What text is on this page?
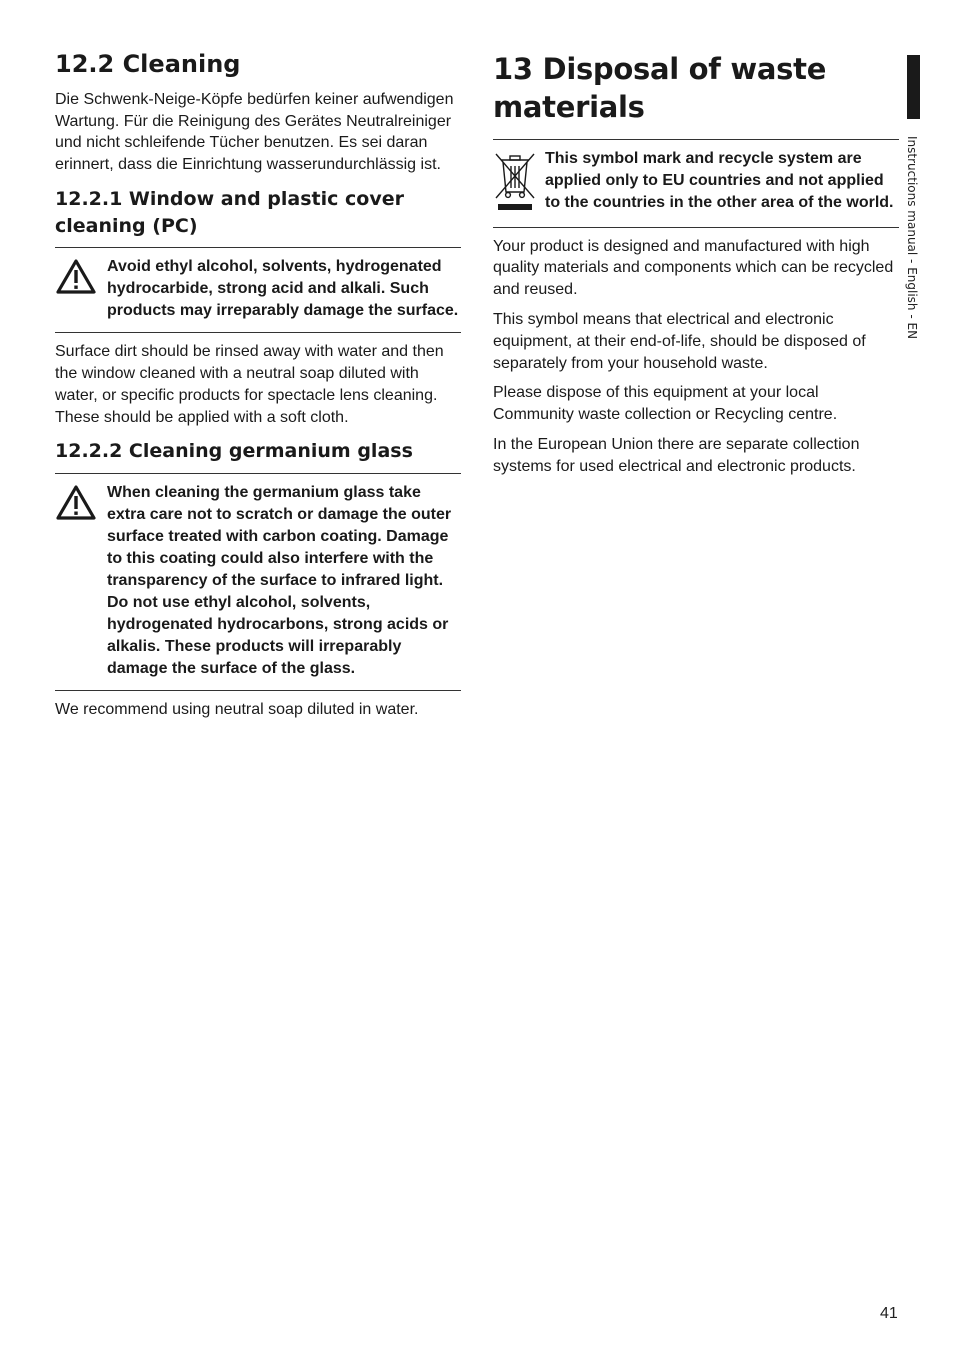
12.2 Cleaning

Die Schwenk-Neige-Köpfe bedürfen keiner aufwendigen Wartung. Für die Reinigung des Gerätes Neutralreiniger und nicht schleifende Tücher benutzen. Es sei daran erinnert, dass die Einrichtung wasserundurchlässig ist.

12.2.1 Window and plastic cover cleaning (PC)
Avoid ethyl alcohol, solvents, hydrogenated hydrocarbide, strong acid and alkali. Such products may irreparably damage the surface.

Surface dirt should be rinsed away with water and then the window cleaned with a neutral soap diluted with water, or specific products for spectacle lens cleaning. These should be applied with a soft cloth.

12.2.2 Cleaning germanium glass
When cleaning the germanium glass take extra care not to scratch or damage the outer surface treated with carbon coating. Damage to this coating could also interfere with the transparency of the surface to infrared light. Do not use ethyl alcohol, solvents, hydrogenated hydrocarbons, strong acids or alkalis. These products will irreparably damage the surface of the glass.

We recommend using neutral soap diluted in water.

13 Disposal of waste materials
This symbol mark and recycle system are applied only to EU countries and not applied to the countries in the other area of the world.

Your product is designed and manufactured with high quality materials and components which can be recycled and reused.

This symbol means that electrical and electronic equipment, at their end-of-life, should be disposed of separately from your household waste.

Please dispose of this equipment at your local Community waste collection or Recycling centre.

In the European Union there are separate collection systems for used electrical and electronic products.

Instructions manual - English - EN
41
